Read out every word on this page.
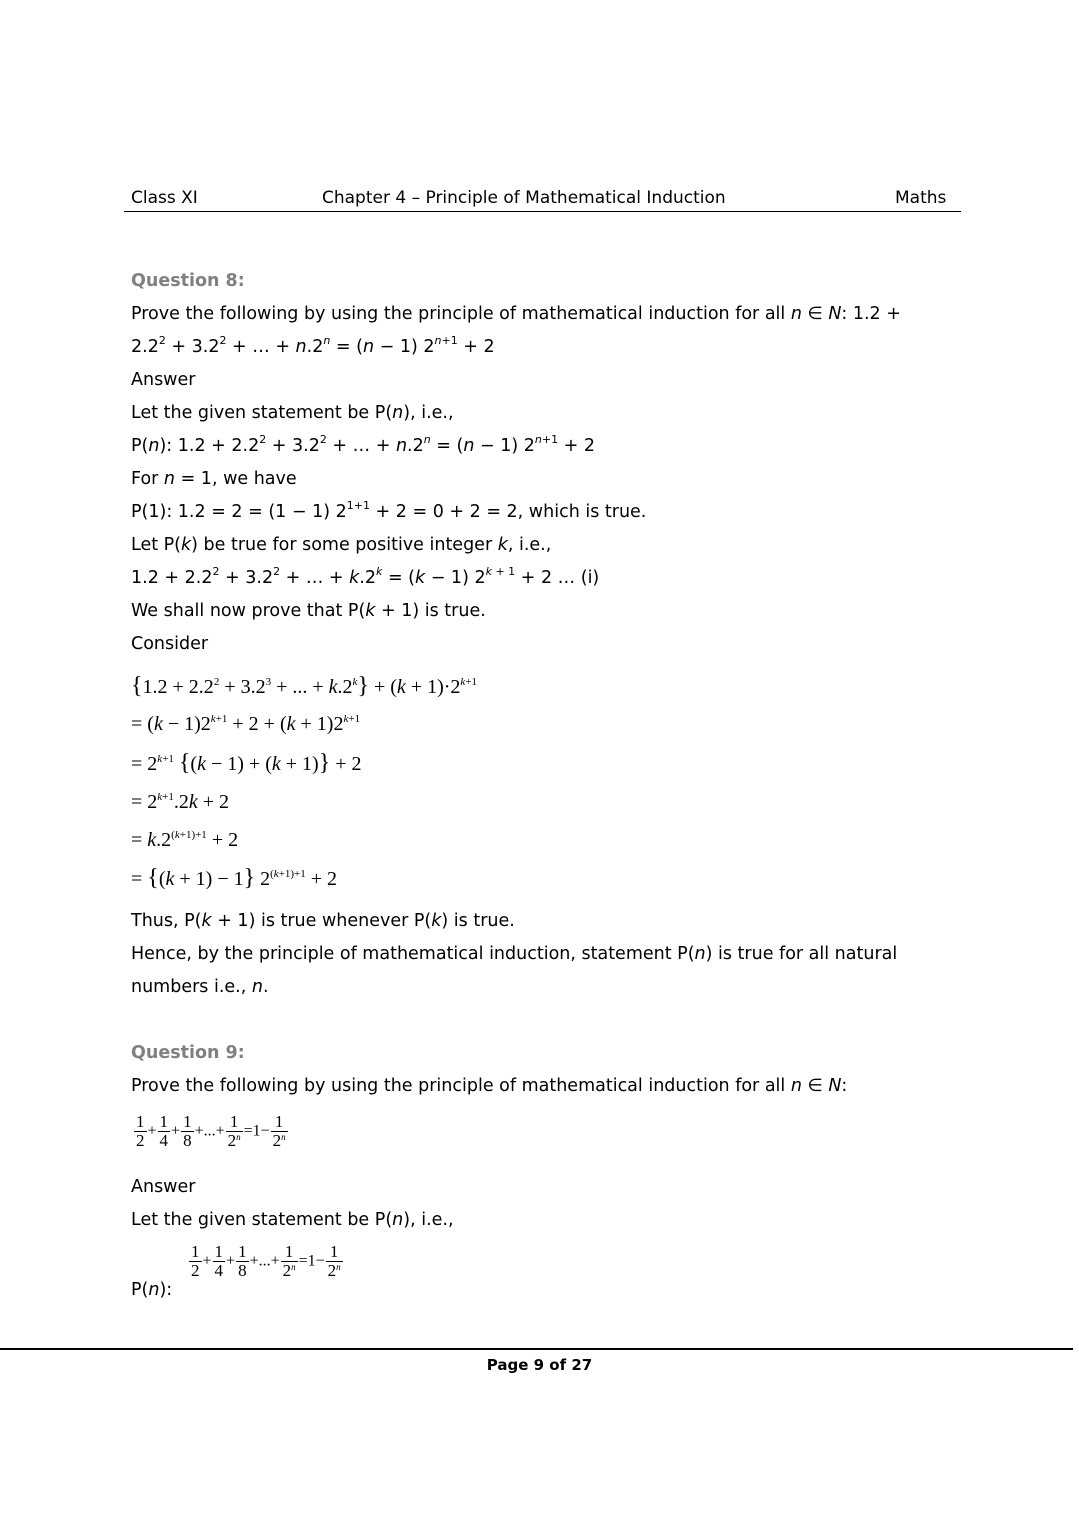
Class XI	Chapter 4 – Principle of Mathematical Induction	Maths
Question 8:
Prove the following by using the principle of mathematical induction for all n ∈ N: 1.2 +
$2.2^2 + 3.2^2$ + … + $n.2^n = (n - 1) 2^{n+1} + 2$
Answer
Let the given statement be P(n), i.e.,
P(n): $1.2 + 2.2^2 + 3.2^2$ + … + $n.2^n = (n - 1) 2^{n+1} + 2$
For n = 1, we have
P(1): 1.2 = 2 = (1 − 1) $2^{1+1} + 2 = 0 + 2 = 2$, which is true.
Let P(k) be true for some positive integer k, i.e.,
$1.2 + 2.2^2 + 3.2^2$ + … + $k.2^k = (k - 1) 2^{k + 1} + 2$ … (i)
We shall now prove that P(k + 1) is true.
Consider
{$1.2 + 2.2^2 + 3.2^3$ + ... + $k.2^k\} + (k + 1)\cdot 2^{k+1}$
= $(k - 1)2^{k+1} + 2 + (k + 1)2^{k+1}$
= $2^{k+1}$ {(k − 1) + (k + 1)} + 2
= $2^{k+1}.2k + 2$
= $k.2^{(k+1)+1} + 2$
= {(k + 1) − 1} $2^{(k+1)+1} + 2$
Thus, P(k + 1) is true whenever P(k) is true.
Hence, by the principle of mathematical induction, statement P(n) is true for all natural
numbers i.e., n.
Question 9:
Prove the following by using the principle of mathematical induction for all n ∈ N:
$\frac{1}{2} + \frac{1}{4} + \frac{1}{8}$ +...+ $\frac{1}{2^n} =1- \frac{1}{2^n}$
Answer
Let the given statement be P(n), i.e.,
P(n):
$\frac{1}{2} + \frac{1}{4} + \frac{1}{8}$ +...+ $\frac{1}{2^n} =1- \frac{1}{2^n}$
Page 9 of 27
